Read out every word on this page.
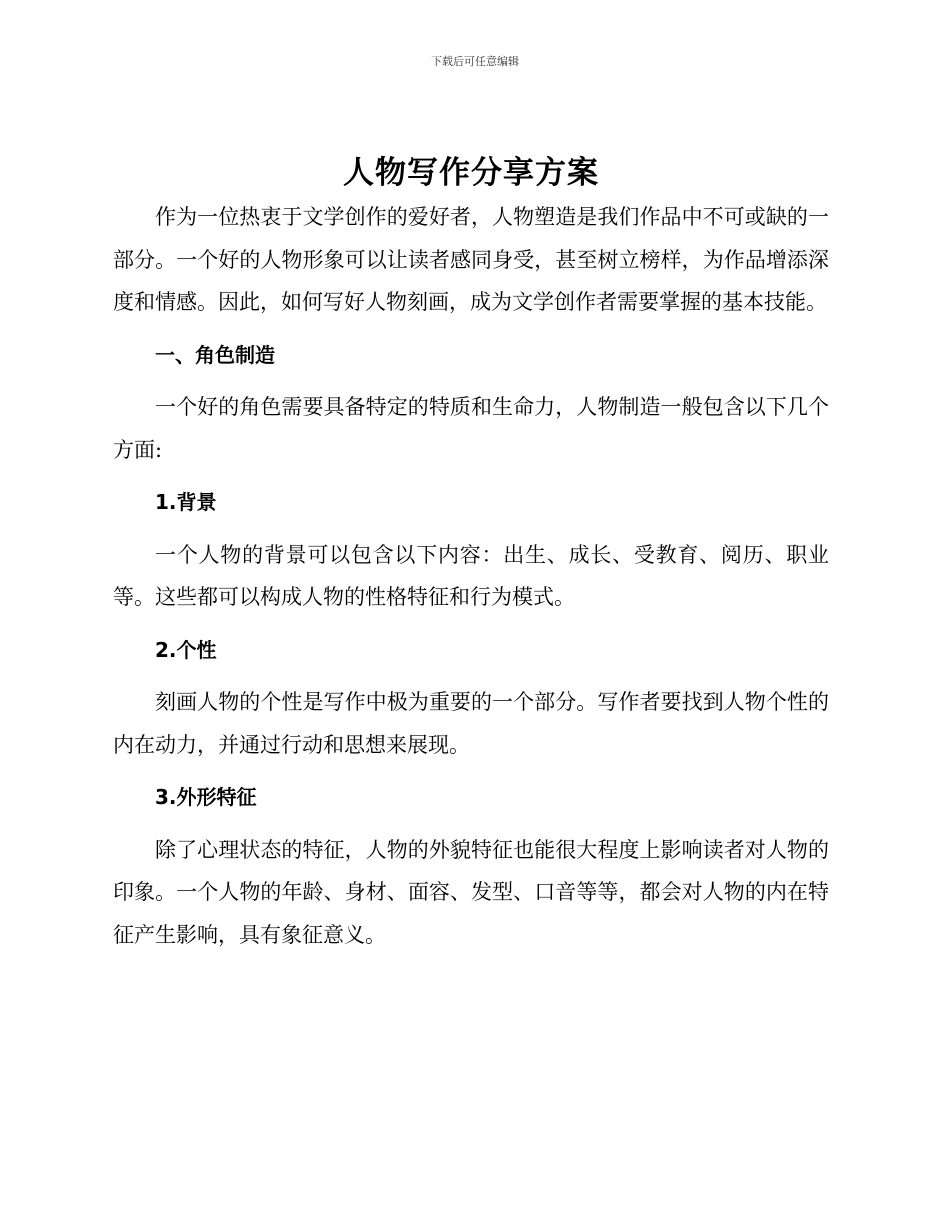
下载后可任意编辑
人物写作分享方案

作为一位热衷于文学创作的爱好者，人物塑造是我们作品中不可或缺的一部分。一个好的人物形象可以让读者感同身受，甚至树立榜样，为作品增添深度和情感。因此，如何写好人物刻画，成为文学创作者需要掌握的基本技能。

一、角色制造

一个好的角色需要具备特定的特质和生命力，人物制造一般包含以下几个方面:

1.背景

一个人物的背景可以包含以下内容：出生、成长、受教育、阅历、职业等。这些都可以构成人物的性格特征和行为模式。

2.个性

刻画人物的个性是写作中极为重要的一个部分。写作者要找到人物个性的内在动力，并通过行动和思想来展现。

3.外形特征

除了心理状态的特征，人物的外貌特征也能很大程度上影响读者对人物的印象。一个人物的年龄、身材、面容、发型、口音等等，都会对人物的内在特征产生影响，具有象征意义。
